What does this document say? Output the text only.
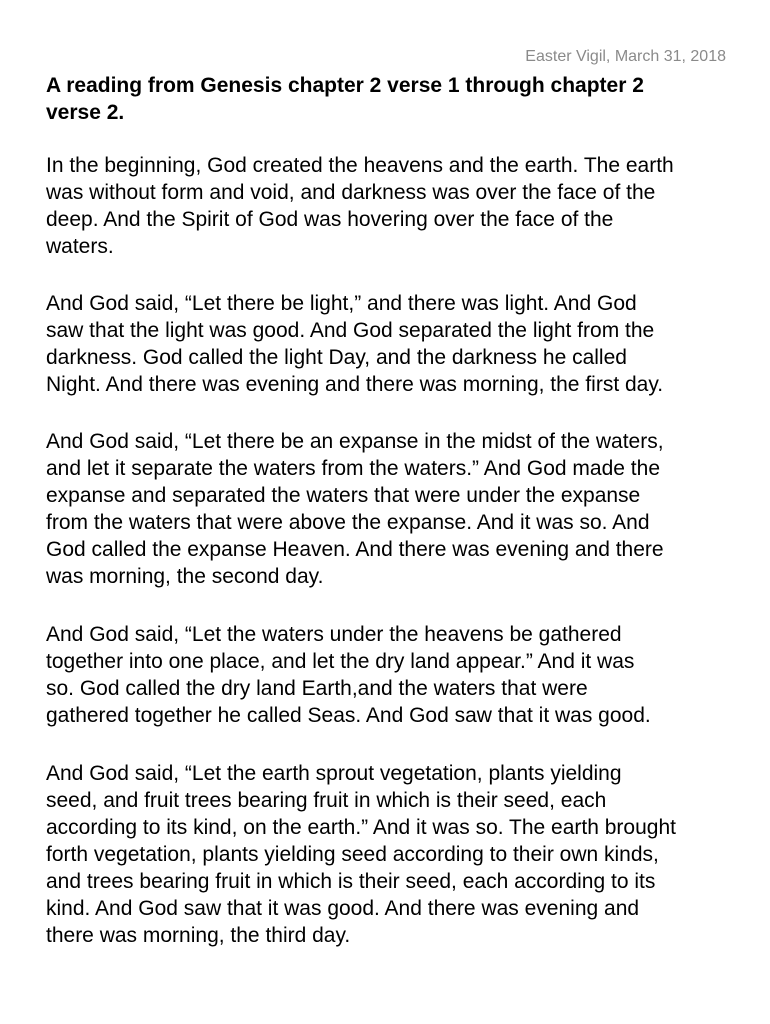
Easter Vigil, March 31, 2018
A reading from Genesis chapter 2 verse 1 through chapter 2
verse 2.

In the beginning, God created the heavens and the earth. The earth
was without form and void, and darkness was over the face of the
deep. And the Spirit of God was hovering over the face of the
waters.

And God said, “Let there be light,” and there was light. And God
saw that the light was good. And God separated the light from the
darkness. God called the light Day, and the darkness he called
Night. And there was evening and there was morning, the first day.

And God said, “Let there be an expanse in the midst of the waters,
and let it separate the waters from the waters.” And God made the
expanse and separated the waters that were under the expanse
from the waters that were above the expanse. And it was so. And
God called the expanse Heaven. And there was evening and there
was morning, the second day.

And God said, “Let the waters under the heavens be gathered
together into one place, and let the dry land appear.” And it was
so. God called the dry land Earth,and the waters that were
gathered together he called Seas. And God saw that it was good.

And God said, “Let the earth sprout vegetation, plants yielding
seed, and fruit trees bearing fruit in which is their seed, each
according to its kind, on the earth.” And it was so. The earth brought
forth vegetation, plants yielding seed according to their own kinds,
and trees bearing fruit in which is their seed, each according to its
kind. And God saw that it was good. And there was evening and
there was morning, the third day.
